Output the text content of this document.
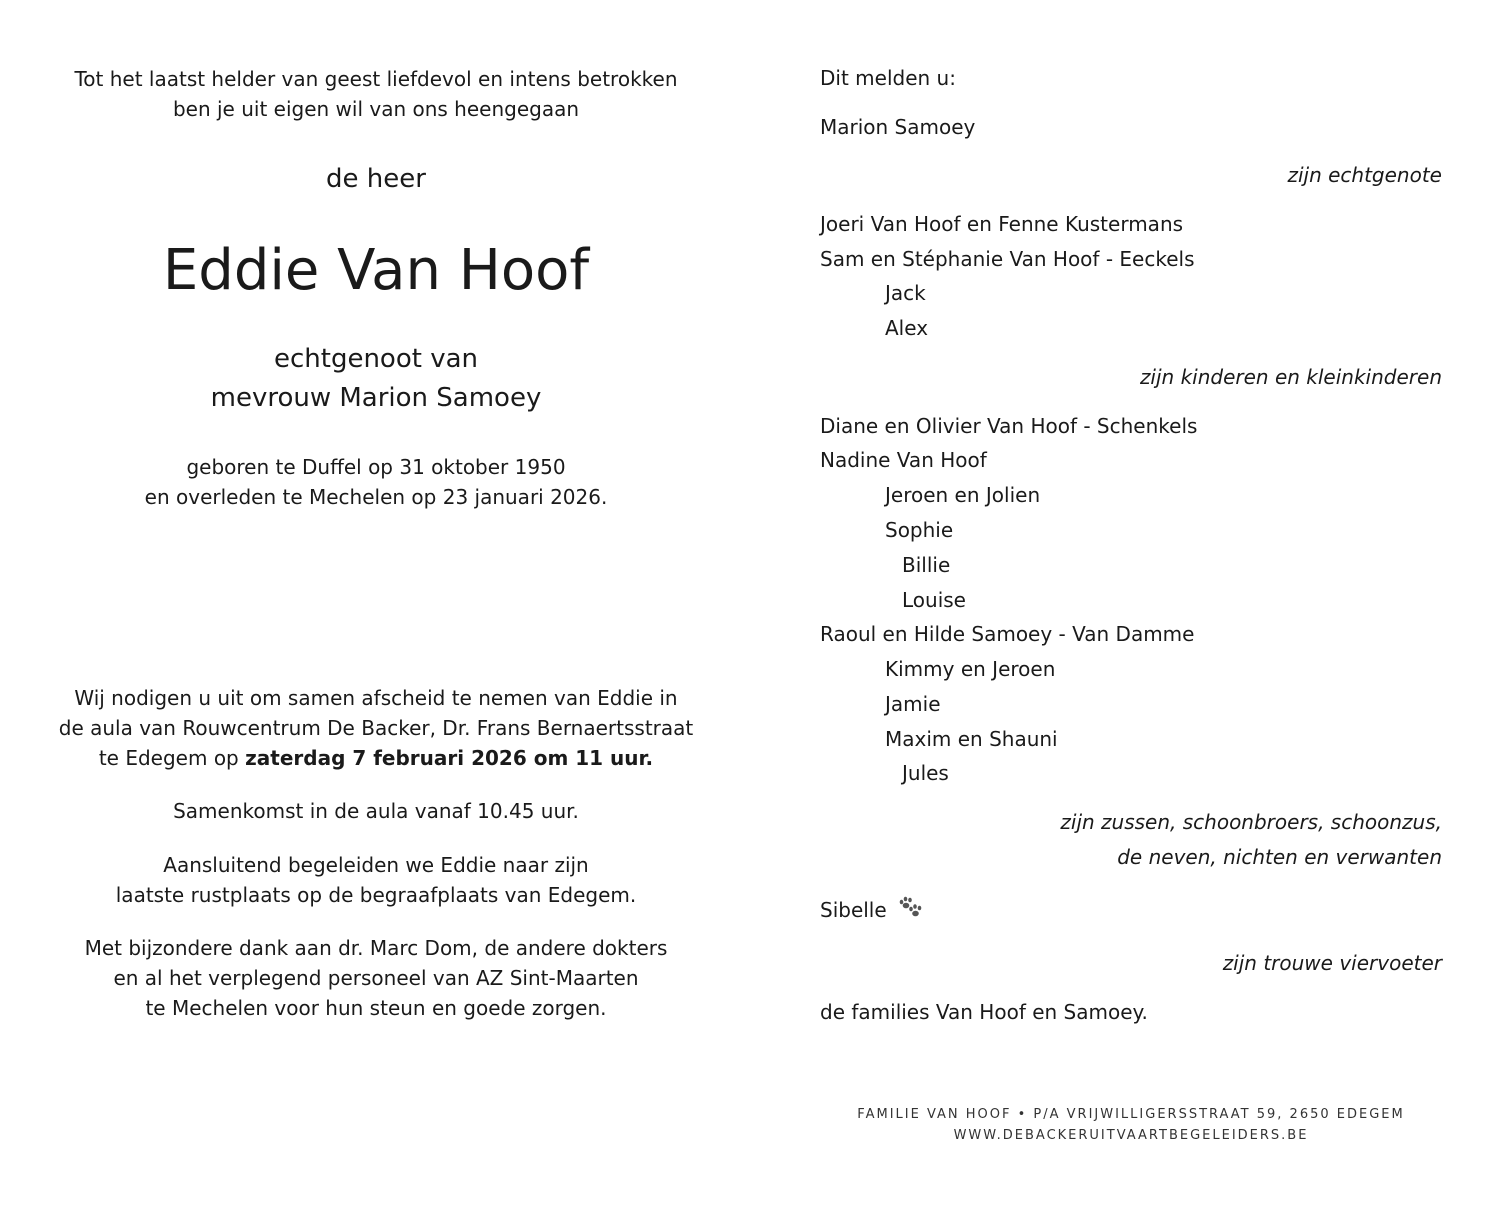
Tot het laatst helder van geest liefdevol en intens betrokken
ben je uit eigen wil van ons heengegaan
de heer
Eddie Van Hoof
echtgenoot van
mevrouw Marion Samoey
geboren te Duffel op 31 oktober 1950
en overleden te Mechelen op 23 januari 2026.
Wij nodigen u uit om samen afscheid te nemen van Eddie in
de aula van Rouwcentrum De Backer, Dr. Frans Bernaertsstraat
te Edegem op zaterdag 7 februari 2026 om 11 uur.
Samenkomst in de aula vanaf 10.45 uur.
Aansluitend begeleiden we Eddie naar zijn
laatste rustplaats op de begraafplaats van Edegem.
Met bijzondere dank aan dr. Marc Dom, de andere dokters
en al het verplegend personeel van AZ Sint-Maarten
te Mechelen voor hun steun en goede zorgen.
Dit melden u:
Marion Samoey
zijn echtgenote
Joeri Van Hoof en Fenne Kustermans
Sam en Stéphanie Van Hoof - Eeckels
Jack
Alex
zijn kinderen en kleinkinderen
Diane en Olivier Van Hoof - Schenkels
Nadine Van Hoof
Jeroen en Jolien
Sophie
Billie
Louise
Raoul en Hilde Samoey - Van Damme
Kimmy en Jeroen
Jamie
Maxim en Shauni
Jules
zijn zussen, schoonbroers, schoonzus,
de neven, nichten en verwanten
Sibelle
zijn trouwe viervoeter
de families Van Hoof en Samoey.
FAMILIE VAN HOOF • P/A VRIJWILLIGERSSTRAAT 59, 2650 EDEGEM
WWW.DEBACKERUITVAARTBEGELEIDERS.BE
